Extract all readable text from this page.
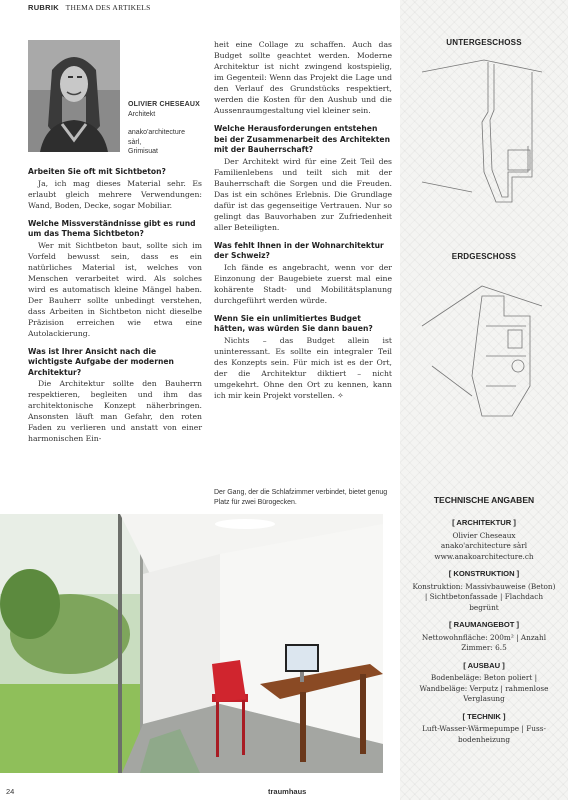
RUBRIK THEMA DES ARTIKELS
OLIVIER CHESEAUX
Architekt
anako'architecture
sàrl,
Grimisuat
Arbeiten Sie oft mit Sichtbeton?
Ja, ich mag dieses Material sehr. Es erlaubt gleich mehrere Verwendungen: Wand, Boden, Decke, sogar Mobiliar.
Welche Missverständnisse gibt es rund um das Thema Sichtbeton?
Wer mit Sichtbeton baut, sollte sich im Vorfeld bewusst sein, dass es ein natürliches Material ist, welches von Menschen verarbeitet wird. Als solches wird es automatisch kleine Mängel haben. Der Bauherr sollte unbedingt verstehen, dass Arbeiten in Sichtbeton nicht dieselbe Präzision erreichen wie etwa eine Autolackierung.
Was ist Ihrer Ansicht nach die wichtigste Aufgabe der modernen Architektur?
Die Architektur sollte den Bauherrn respektieren, begleiten und ihm das architektonische Konzept näherbringen. Ansonsten läuft man Gefahr, den roten Faden zu verlieren und anstatt von einer harmonischen Ein-
heit eine Collage zu schaffen. Auch das Budget sollte geachtet werden. Moderne Architektur ist nicht zwingend kostspielig, im Gegenteil: Wenn das Projekt die Lage und den Verlauf des Grundstücks respektiert, werden die Kosten für den Aushub und die Aussenraumgestaltung viel kleiner sein.
Welche Herausforderungen entstehen bei der Zusammenarbeit des Architekten mit der Bauherrschaft?
Der Architekt wird für eine Zeit Teil des Familienlebens und teilt sich mit der Bauherrschaft die Sorgen und die Freuden. Das ist ein schönes Erlebnis. Die Grundlage dafür ist das gegenseitige Vertrauen. Nur so gelingt das Bauvorhaben zur Zufriedenheit aller Beteiligten.
Was fehlt Ihnen in der Wohnarchitektur der Schweiz?
Ich fände es angebracht, wenn vor der Einzonung der Baugebiete zuerst mal eine kohärente Stadt- und Mobilitätsplanung durchgeführt werden würde.
Wenn Sie ein unlimitiertes Budget hätten, was würden Sie dann bauen?
Nichts – das Budget allein ist uninteressant. Es sollte ein integraler Teil des Konzepts sein. Für mich ist es der Ort, der die Architektur diktiert – nicht umgekehrt. Ohne den Ort zu kennen, kann ich mir kein Projekt vorstellen. ✧
Der Gang, der die Schlafzimmer verbindet, bietet genug Platz für zwei Bürogecken.
UNTERGESCHOSS
ERDGESCHOSS
TECHNISCHE ANGABEN
[ ARCHITEKTUR ]
Olivier Cheseaux
anako'architecture sàrl
www.anakoarchitecture.ch
[ KONSTRUKTION ]
Konstruktion: Massivbauweise (Beton)
| Sichtbetonfassade | Flachdach
begrünt
[ RAUMANGEBOT ]
Nettowohnfläche: 200m² | Anzahl
Zimmer: 6.5
[ AUSBAU ]
Bodenbeläge: Beton poliert |
Wandbeläge: Verputz | rahmenlose
Verglasung
[ TECHNIK ]
Luft-Wasser-Wärmepumpe | Fuss-
bodenheizung
24	traumhaus
